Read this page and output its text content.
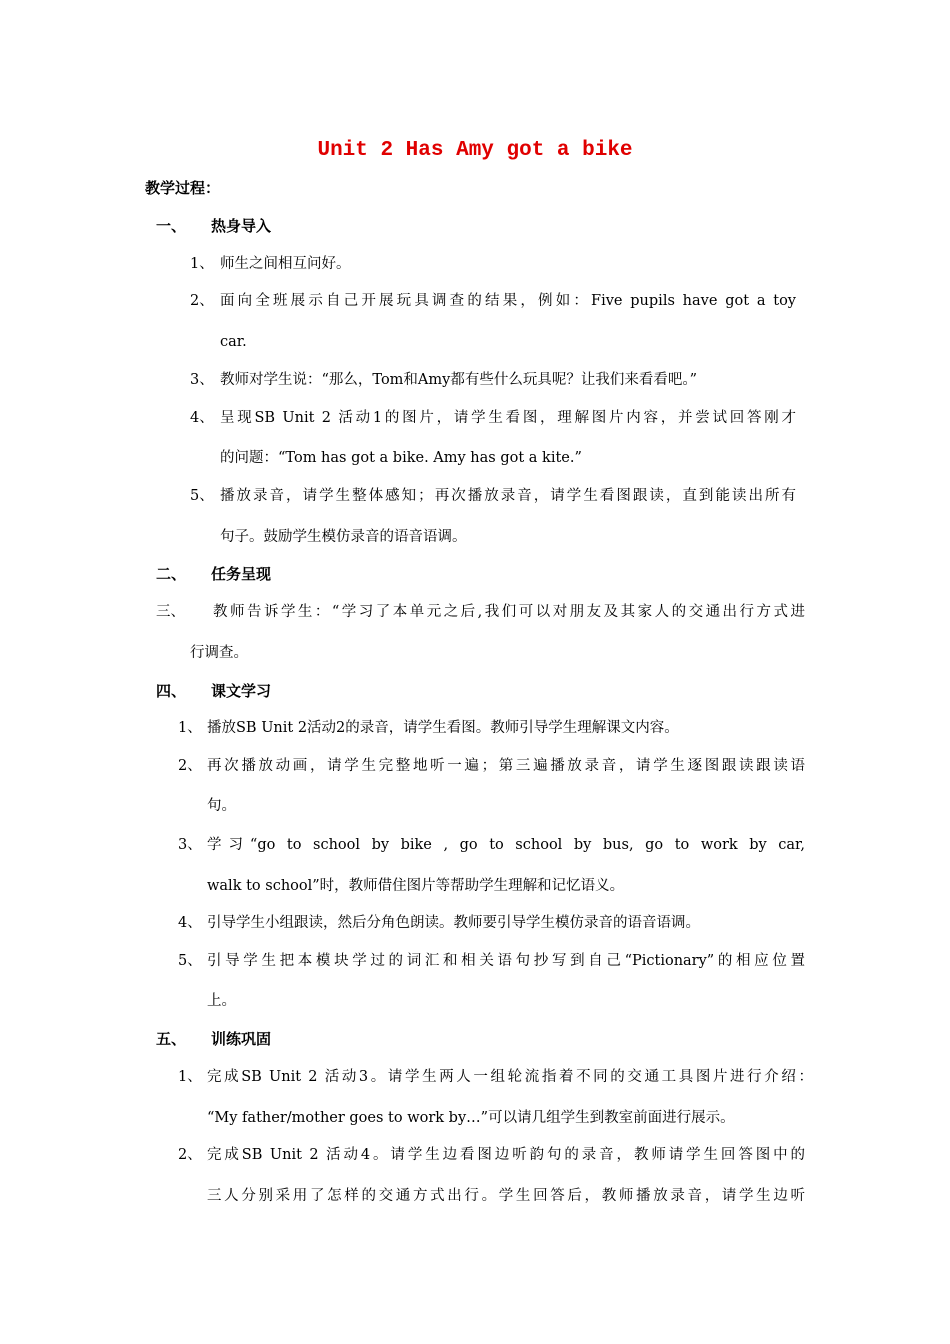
Unit 2 Has Amy got a bike
教学过程：
一、 热身导入
1、 师生之间相互问好。
2、 面向全班展示自己开展玩具调查的结果，例如：Five pupils have got a toy
car.
3、 教师对学生说：“那么，Tom和Amy都有些什么玩具呢？让我们来看看吧。”
4、 呈现SB Unit 2 活动1的图片，请学生看图，理解图片内容，并尝试回答刚才
的问题：“Tom has got a bike. Amy has got a kite.”
5、 播放录音，请学生整体感知；再次播放录音，请学生看图跟读，直到能读出所有
句子。鼓励学生模仿录音的语音语调。
二、 任务呈现
三、 教师告诉学生：“学习了本单元之后,我们可以对朋友及其家人的交通出行方式进
行调查。
四、 课文学习
1、 播放SB Unit 2活动2的录音，请学生看图。教师引导学生理解课文内容。
2、 再次播放动画，请学生完整地听一遍；第三遍播放录音，请学生逐图跟读跟读语
句。
3、 学习“go to school by bike , go to school by bus, go to work by car,
walk to school”时，教师借住图片等帮助学生理解和记忆语义。
4、 引导学生小组跟读，然后分角色朗读。教师要引导学生模仿录音的语音语调。
5、 引导学生把本模块学过的词汇和相关语句抄写到自己“Pictionary”的相应位置
上。
五、 训练巩固
1、 完成SB Unit 2 活动3。请学生两人一组轮流指着不同的交通工具图片进行介绍：
“My father/mother goes to work by…”可以请几组学生到教室前面进行展示。
2、 完成SB Unit 2 活动4。请学生边看图边听韵句的录音，教师请学生回答图中的
三人分别采用了怎样的交通方式出行。学生回答后，教师播放录音，请学生边听
